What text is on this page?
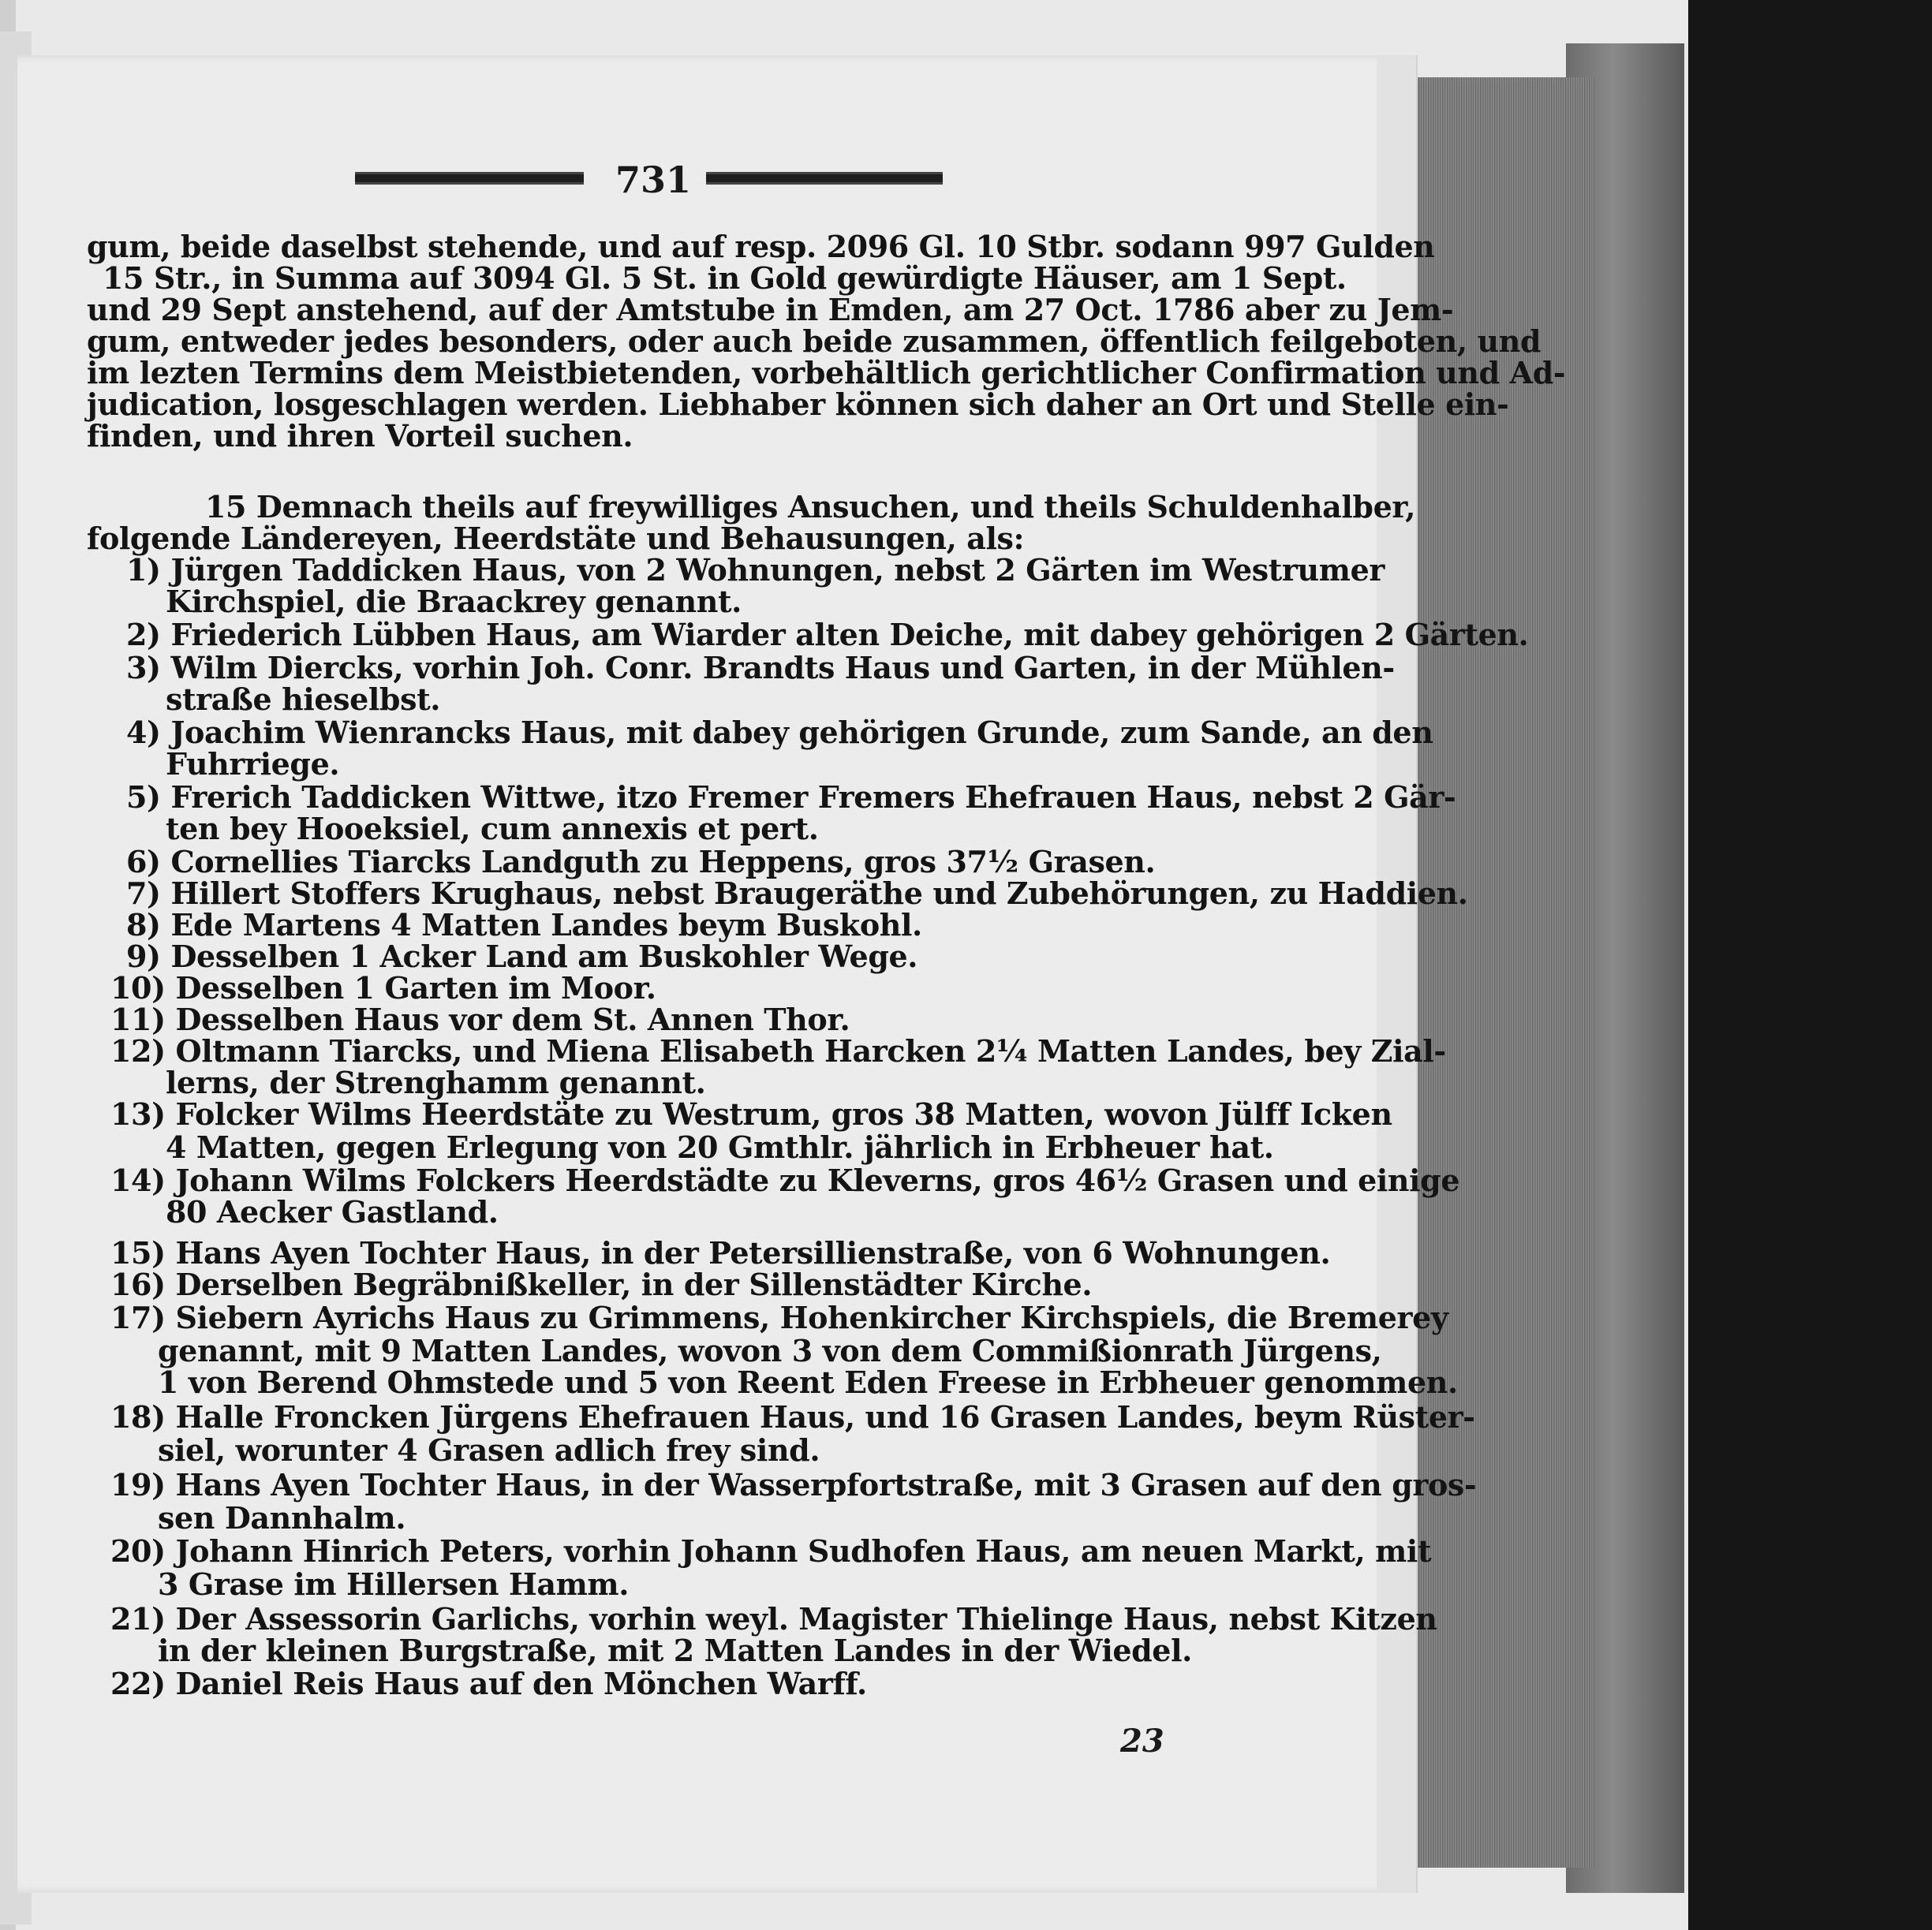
731
gum, beide daselbst stehende, und auf resp. 2096 Gl. 10 Stbr. sodann 997 Gulden
15 Str., in Summa auf 3094 Gl. 5 St. in Gold gewürdigte Häuser, am 1 Sept.
und 29 Sept anstehend, auf der Amtstube in Emden, am 27 Oct. 1786 aber zu Jem-
gum, entweder jedes besonders, oder auch beide zusammen, öffentlich feilgeboten, und
im lezten Termins dem Meistbietenden, vorbehältlich gerichtlicher Confirmation und Ad-
judication, losgeschlagen werden. Liebhaber können sich daher an Ort und Stelle ein-
finden, und ihren Vorteil suchen.
15 Demnach theils auf freywilliges Ansuchen, und theils Schuldenhalber,
folgende Ländereyen, Heerdstäte und Behausungen, als:
1) Jürgen Taddicken Haus, von 2 Wohnungen, nebst 2 Gärten im Westrumer
Kirchspiel, die Braackrey genannt.
2) Friederich Lübben Haus, am Wiarder alten Deiche, mit dabey gehörigen 2 Gärten.
3) Wilm Diercks, vorhin Joh. Conr. Brandts Haus und Garten, in der Mühlen-
straße hieselbst.
4) Joachim Wienrancks Haus, mit dabey gehörigen Grunde, zum Sande, an den
Fuhrriege.
5) Frerich Taddicken Wittwe, itzo Fremer Fremers Ehefrauen Haus, nebst 2 Gär-
ten bey Hooeksiel, cum annexis et pert.
6) Cornellies Tiarcks Landguth zu Heppens, gros 37½ Grasen.
7) Hillert Stoffers Krughaus, nebst Braugeräthe und Zubehörungen, zu Haddien.
8) Ede Martens 4 Matten Landes beym Buskohl.
9) Desselben 1 Acker Land am Buskohler Wege.
10) Desselben 1 Garten im Moor.
11) Desselben Haus vor dem St. Annen Thor.
12) Oltmann Tiarcks, und Miena Elisabeth Harcken 2¼ Matten Landes, bey Zial-
lerns, der Strenghamm genannt.
13) Folcker Wilms Heerdstäte zu Westrum, gros 38 Matten, wovon Jülff Icken
4 Matten, gegen Erlegung von 20 Gmthlr. jährlich in Erbheuer hat.
14) Johann Wilms Folckers Heerdstädte zu Kleverns, gros 46½ Grasen und einige
80 Aecker Gastland.
15) Hans Ayen Tochter Haus, in der Petersillienstraße, von 6 Wohnungen.
16) Derselben Begräbnißkeller, in der Sillenstädter Kirche.
17) Siebern Ayrichs Haus zu Grimmens, Hohenkircher Kirchspiels, die Bremerey
genannt, mit 9 Matten Landes, wovon 3 von dem Commißionrath Jürgens,
1 von Berend Ohmstede und 5 von Reent Eden Freese in Erbheuer genommen.
18) Halle Froncken Jürgens Ehefrauen Haus, und 16 Grasen Landes, beym Rüster-
siel, worunter 4 Grasen adlich frey sind.
19) Hans Ayen Tochter Haus, in der Wasserpfortstraße, mit 3 Grasen auf den gros-
sen Dannhalm.
20) Johann Hinrich Peters, vorhin Johann Sudhofen Haus, am neuen Markt, mit
3 Grase im Hillersen Hamm.
21) Der Assessorin Garlichs, vorhin weyl. Magister Thielinge Haus, nebst Kitzen
in der kleinen Burgstraße, mit 2 Matten Landes in der Wiedel.
22) Daniel Reis Haus auf den Mönchen Warff.
23
